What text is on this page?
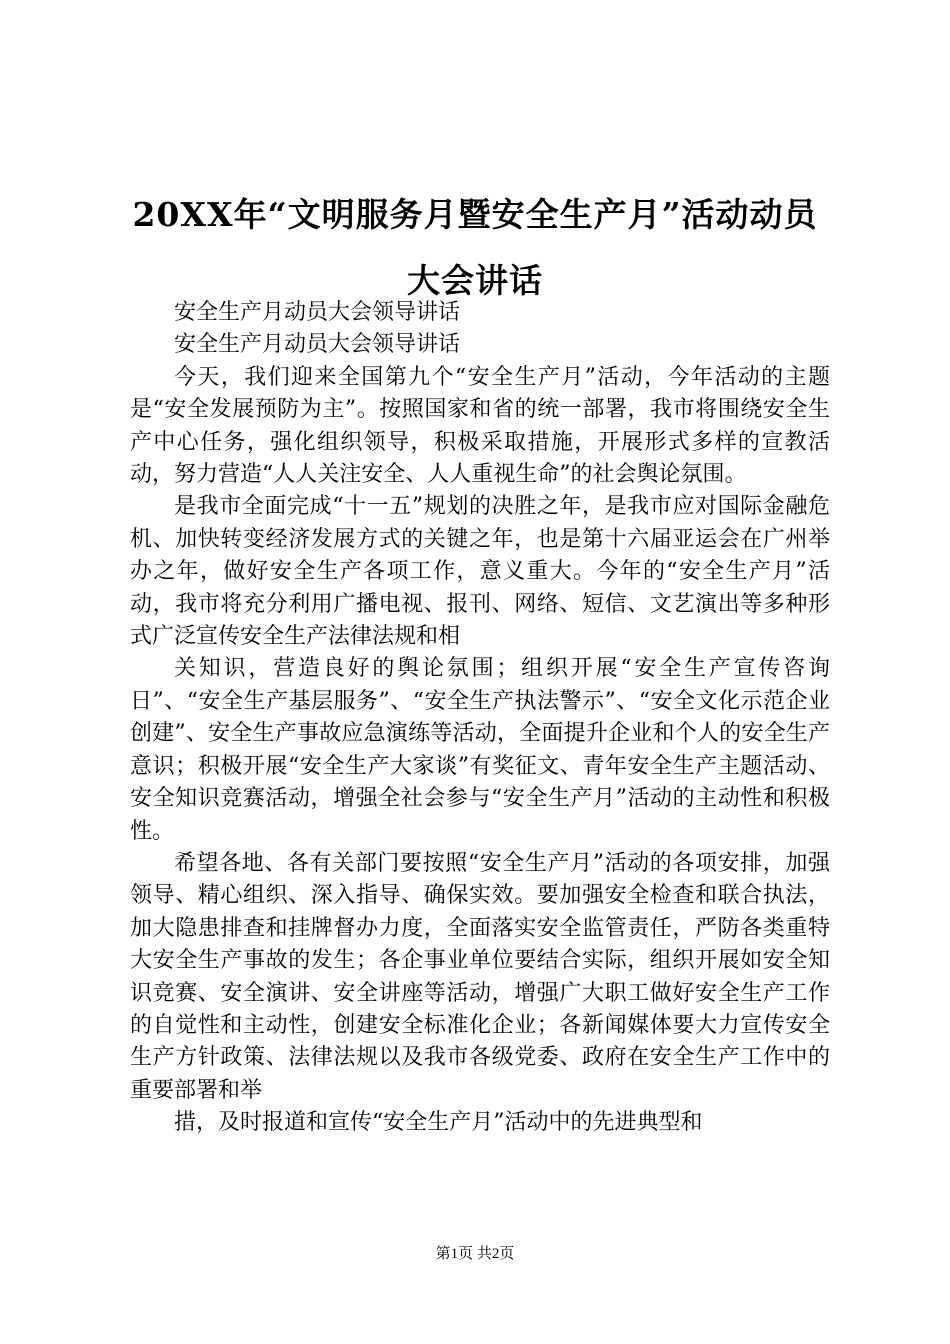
20XX年“文明服务月暨安全生产月”活动动员大会讲话

安全生产月动员大会领导讲话

安全生产月动员大会领导讲话

今天，我们迎来全国第九个“安全生产月”活动，今年活动的主题是“安全发展预防为主”。按照国家和省的统一部署，我市将围绕安全生产中心任务，强化组织领导，积极采取措施，开展形式多样的宣教活动，努力营造“人人关注安全、人人重视生命”的社会舆论氛围。

是我市全面完成“十一五”规划的决胜之年，是我市应对国际金融危机、加快转变经济发展方式的关键之年，也是第十六届亚运会在广州举办之年，做好安全生产各项工作，意义重大。今年的“安全生产月”活动，我市将充分利用广播电视、报刊、网络、短信、文艺演出等多种形式广泛宣传安全生产法律法规和相

关知识，营造良好的舆论氛围；组织开展“安全生产宣传咨询日”、“安全生产基层服务”、“安全生产执法警示”、“安全文化示范企业创建”、安全生产事故应急演练等活动，全面提升企业和个人的安全生产意识；积极开展“安全生产大家谈”有奖征文、青年安全生产主题活动、安全知识竞赛活动，增强全社会参与“安全生产月”活动的主动性和积极性。

希望各地、各有关部门要按照“安全生产月”活动的各项安排，加强领导、精心组织、深入指导、确保实效。要加强安全检查和联合执法，加大隐患排查和挂牌督办力度，全面落实安全监管责任，严防各类重特大安全生产事故的发生；各企事业单位要结合实际，组织开展如安全知识竞赛、安全演讲、安全讲座等活动，增强广大职工做好安全生产工作的自觉性和主动性，创建安全标准化企业；各新闻媒体要大力宣传安全生产方针政策、法律法规以及我市各级党委、政府在安全生产工作中的重要部署和举

措，及时报道和宣传“安全生产月”活动中的先进典型和

第1页 共2页
